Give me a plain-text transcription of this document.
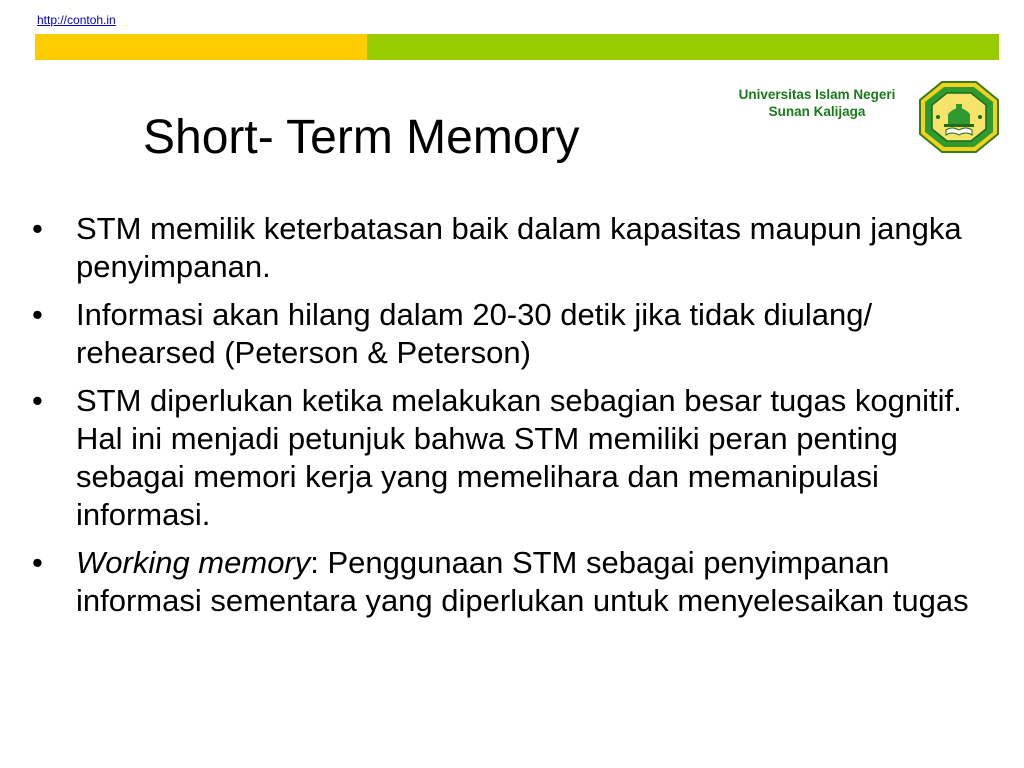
http://contoh.in
Universitas Islam Negeri
Sunan Kalijaga
Short- Term Memory
• STM memilik keterbatasan baik dalam kapasitas maupun jangka penyimpanan.
• Informasi akan hilang dalam 20-30 detik jika tidak diulang/ rehearsed (Peterson & Peterson)
• STM diperlukan ketika melakukan sebagian besar tugas kognitif. Hal ini menjadi petunjuk bahwa STM memiliki peran penting sebagai memori kerja yang memelihara dan memanipulasi informasi.
• Working memory: Penggunaan STM sebagai penyimpanan informasi sementara yang diperlukan untuk menyelesaikan tugas
